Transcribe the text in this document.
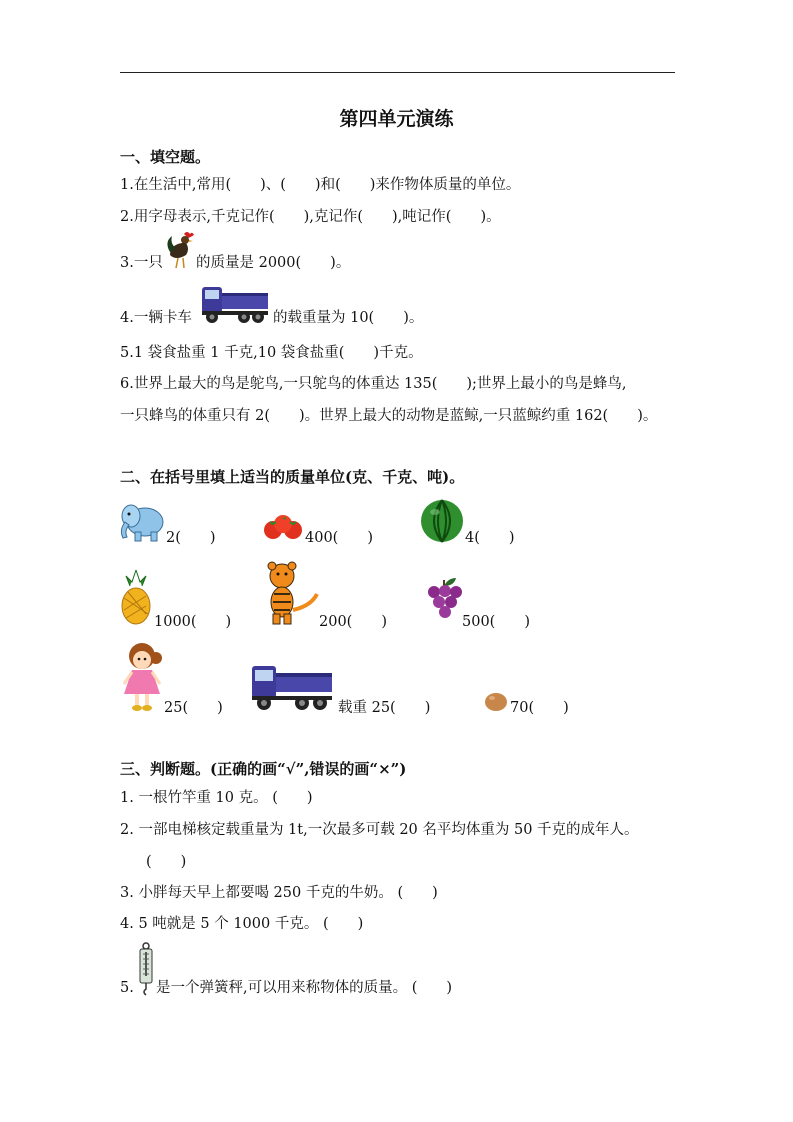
第四单元演练
一、填空题。
1.在生活中,常用(　　)、(　　)和(　　)来作物体质量的单位。
2.用字母表示,千克记作(　　),克记作(　　),吨记作(　　)。
3.一只 的质量是 2000(　　)。
4.一辆卡车	的载重量为 10(　　)。
5.1 袋食盐重 1 千克,10 袋食盐重(　　)千克。
6.世界上最大的鸟是鸵鸟,一只鸵鸟的体重达 135(　　);世界上最小的鸟是蜂鸟,
一只蜂鸟的体重只有 2(　　)。世界上最大的动物是蓝鲸,一只蓝鲸约重 162(　　)。
二、在括号里填上适当的质量单位(克、千克、吨)。
2(　　)	400(　　)	4(　　)
1000(　　)	200(　　)	500(　　)
25(　　)	载重 25(　　)	70(　　)
三、判断题。(正确的画“√”,错误的画“×”)
1. 一根竹竿重 10 克。 (　　)
2. 一部电梯核定载重量为 1t,一次最多可载 20 名平均体重为 50 千克的成年人。
(　　)
3. 小胖每天早上都要喝 250 千克的牛奶。 (　　)
4. 5 吨就是 5 个 1000 千克。 (　　)
5. 是一个弹簧秤,可以用来称物体的质量。 (　　)
